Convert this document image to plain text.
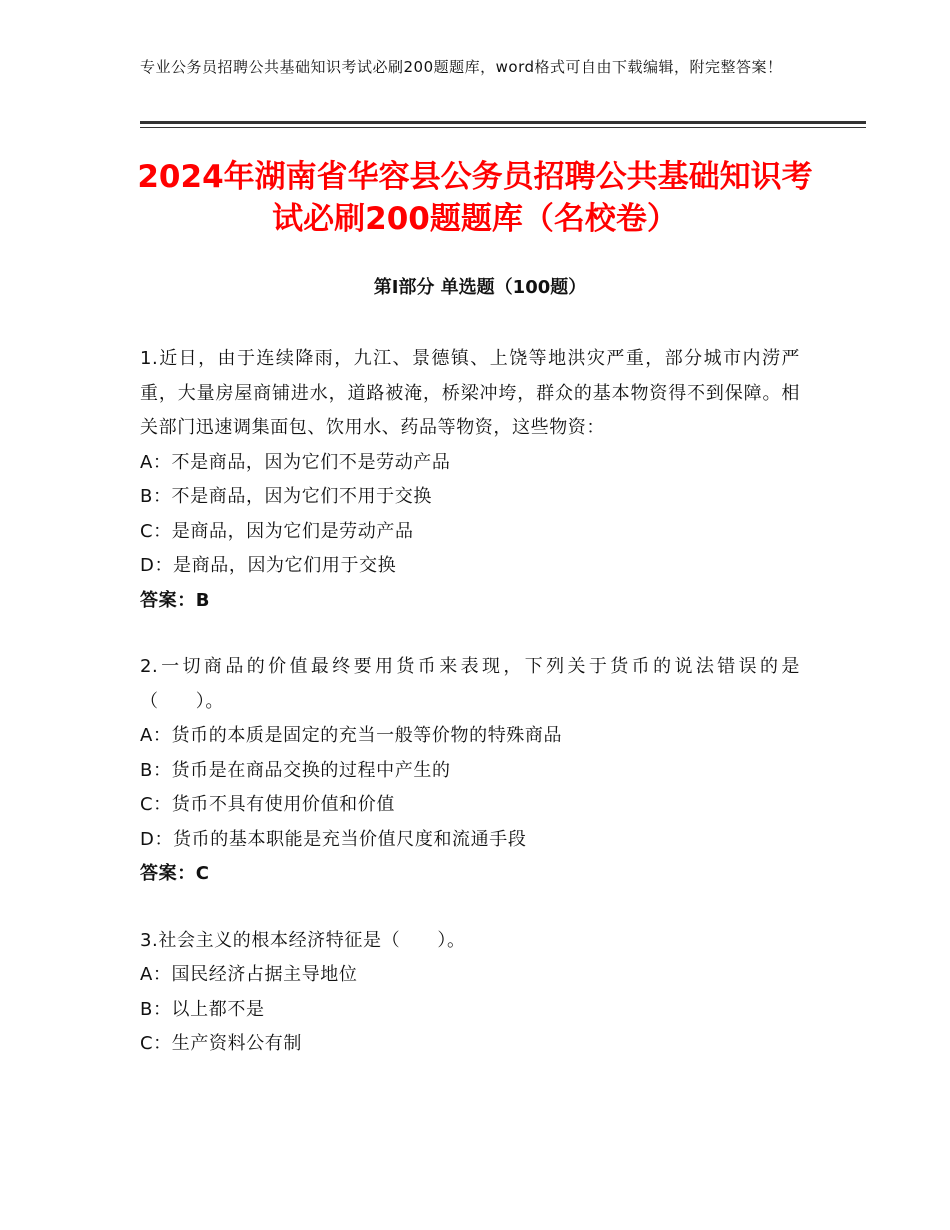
专业公务员招聘公共基础知识考试必刷200题题库，word格式可自由下载编辑，附完整答案！
2024年湖南省华容县公务员招聘公共基础知识考试必刷200题题库（名校卷）
第Ⅰ部分 单选题（100题）

1.近日，由于连续降雨，九江、景德镇、上饶等地洪灾严重，部分城市内涝严重，大量房屋商铺进水，道路被淹，桥梁冲垮，群众的基本物资得不到保障。相关部门迅速调集面包、饮用水、药品等物资，这些物资：

A：不是商品，因为它们不是劳动产品

B：不是商品，因为它们不用于交换

C：是商品，因为它们是劳动产品

D：是商品，因为它们用于交换

答案：B

2.一切商品的价值最终要用货币来表现，下列关于货币的说法错误的是（　　）。

A：货币的本质是固定的充当一般等价物的特殊商品

B：货币是在商品交换的过程中产生的

C：货币不具有使用价值和价值

D：货币的基本职能是充当价值尺度和流通手段

答案：C

3.社会主义的根本经济特征是（　　）。

A：国民经济占据主导地位

B：以上都不是

C：生产资料公有制
